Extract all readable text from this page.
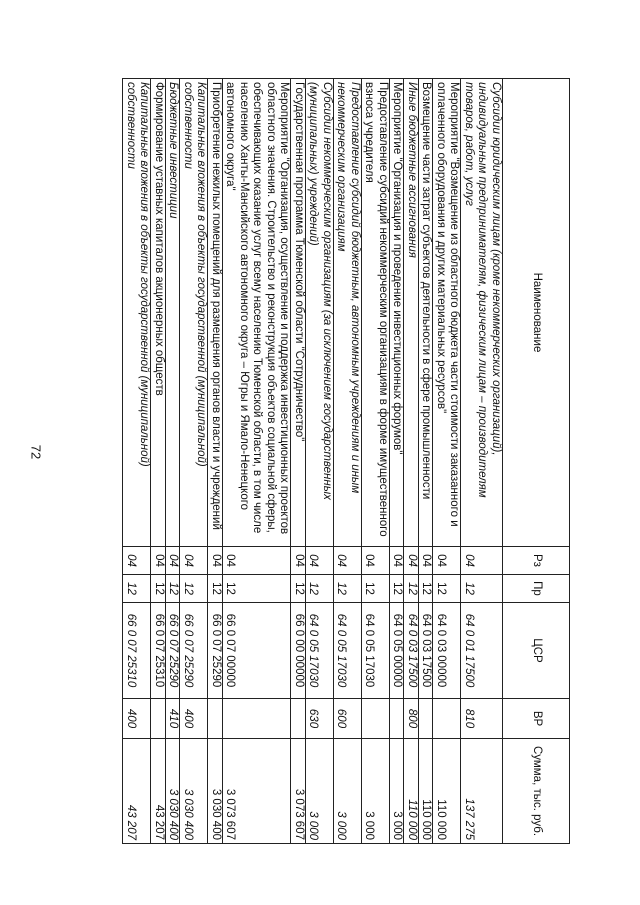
72
Наименование	Рз	Пр	ЦСР	ВР	Сумма, тыс. руб.
Субсидии юридическим лицам (кроме некоммерческих организаций), индивидуальным предпринимателям, физическим лицам – производителям товаров, работ, услуг	04	12	64 0 01 17500	810	137 275
Мероприятие "Возмещение из областного бюджета части стоимости заказанного и оплаченного оборудования и других материальных ресурсов"	04	12	64 0 03 00000		110 000
Возмещение части затрат субъектов деятельности в сфере промышленности	04	12	64 0 03 17500		110 000
Иные бюджетные ассигнования	04	12	64 0 03 17500	800	110 000
Мероприятие "Организация и проведение инвестиционных форумов"	04	12	64 0 05 00000		3 000
Предоставление субсидий некоммерческим организациям в форме имущественного взноса учредителя	04	12	64 0 05 17030		3 000
Предоставление субсидий бюджетным, автономным учреждениям и иным некоммерческим организациям	04	12	64 0 05 17030	600	3 000
Субсидии некоммерческим организациям (за исключением государственных (муниципальных) учреждений)	04	12	64 0 05 17030	630	3 000
Государственная программа Тюменской области "Сотрудничество"	04	12	66 0 00 00000		3 073 607
Мероприятие "Организация, осуществление и поддержка инвестиционных проектов областного значения. Строительство и реконструкция объектов социальной сферы, обеспечивающих оказание услуг всему населению Тюменской области, в том числе населению Ханты-Мансийского автономного округа – Югры и Ямало-Ненецкого автономного округа"	04	12	66 0 07 00000		3 073 607
Приобретение нежилых помещений для размещения органов власти и учреждений	04	12	66 0 07 25290		3 030 400
Капитальные вложения в объекты государственной (муниципальной) собственности	04	12	66 0 07 25290	400	3 030 400
Бюджетные инвестиции	04	12	66 0 07 25290	410	3 030 400
Формирование уставных капиталов акционерных обществ	04	12	66 0 07 25310		43 207
Капитальные вложения в объекты государственной (муниципальной) собственности	04	12	66 0 07 25310	400	43 207
